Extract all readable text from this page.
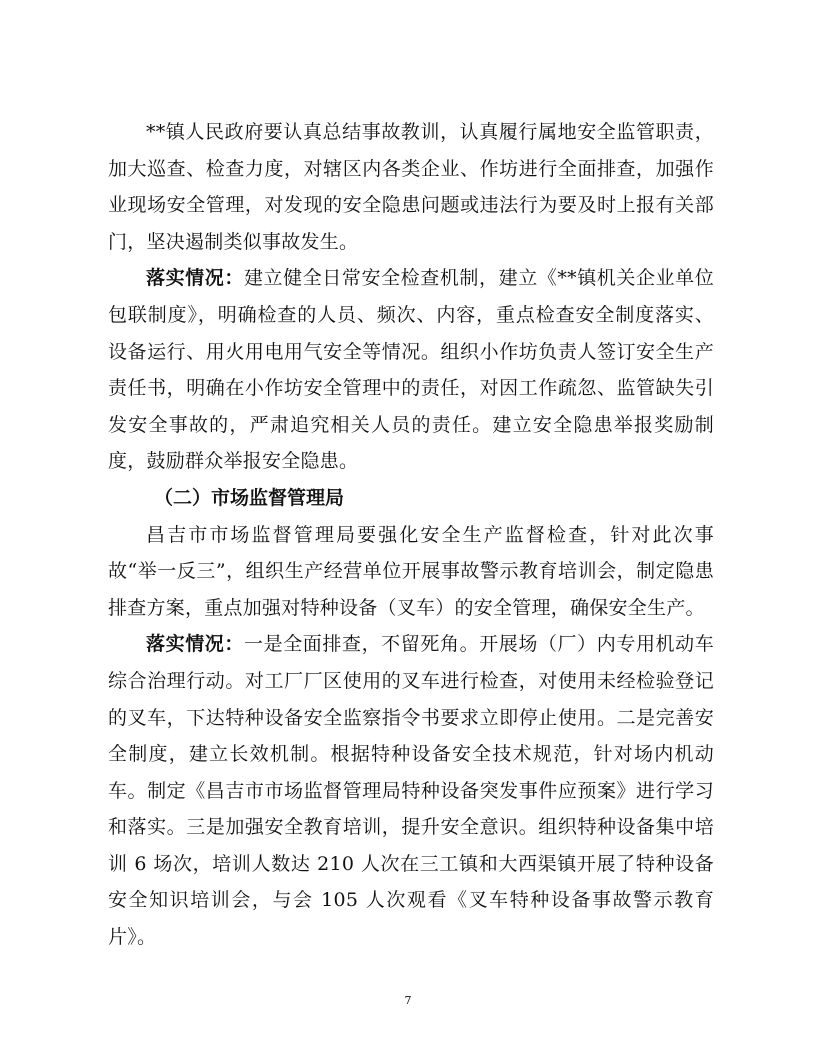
**镇人民政府要认真总结事故教训，认真履行属地安全监管职责，加大巡查、检查力度，对辖区内各类企业、作坊进行全面排查，加强作业现场安全管理，对发现的安全隐患问题或违法行为要及时上报有关部门，坚决遏制类似事故发生。

落实情况：建立健全日常安全检查机制，建立《**镇机关企业单位包联制度》，明确检查的人员、频次、内容，重点检查安全制度落实、设备运行、用火用电用气安全等情况。组织小作坊负责人签订安全生产责任书，明确在小作坊安全管理中的责任，对因工作疏忽、监管缺失引发安全事故的，严肃追究相关人员的责任。建立安全隐患举报奖励制度，鼓励群众举报安全隐患。

（二）市场监督管理局

昌吉市市场监督管理局要强化安全生产监督检查，针对此次事故“举一反三”，组织生产经营单位开展事故警示教育培训会，制定隐患排查方案，重点加强对特种设备（叉车）的安全管理，确保安全生产。

落实情况：一是全面排查，不留死角。开展场（厂）内专用机动车综合治理行动。对工厂厂区使用的叉车进行检查，对使用未经检验登记的叉车，下达特种设备安全监察指令书要求立即停止使用。二是完善安全制度，建立长效机制。根据特种设备安全技术规范，针对场内机动车。制定《昌吉市市场监督管理局特种设备突发事件应预案》进行学习和落实。三是加强安全教育培训，提升安全意识。组织特种设备集中培训 6 场次，培训人数达 210 人次在三工镇和大西渠镇开展了特种设备安全知识培训会，与会 105 人次观看《叉车特种设备事故警示教育片》。

7
